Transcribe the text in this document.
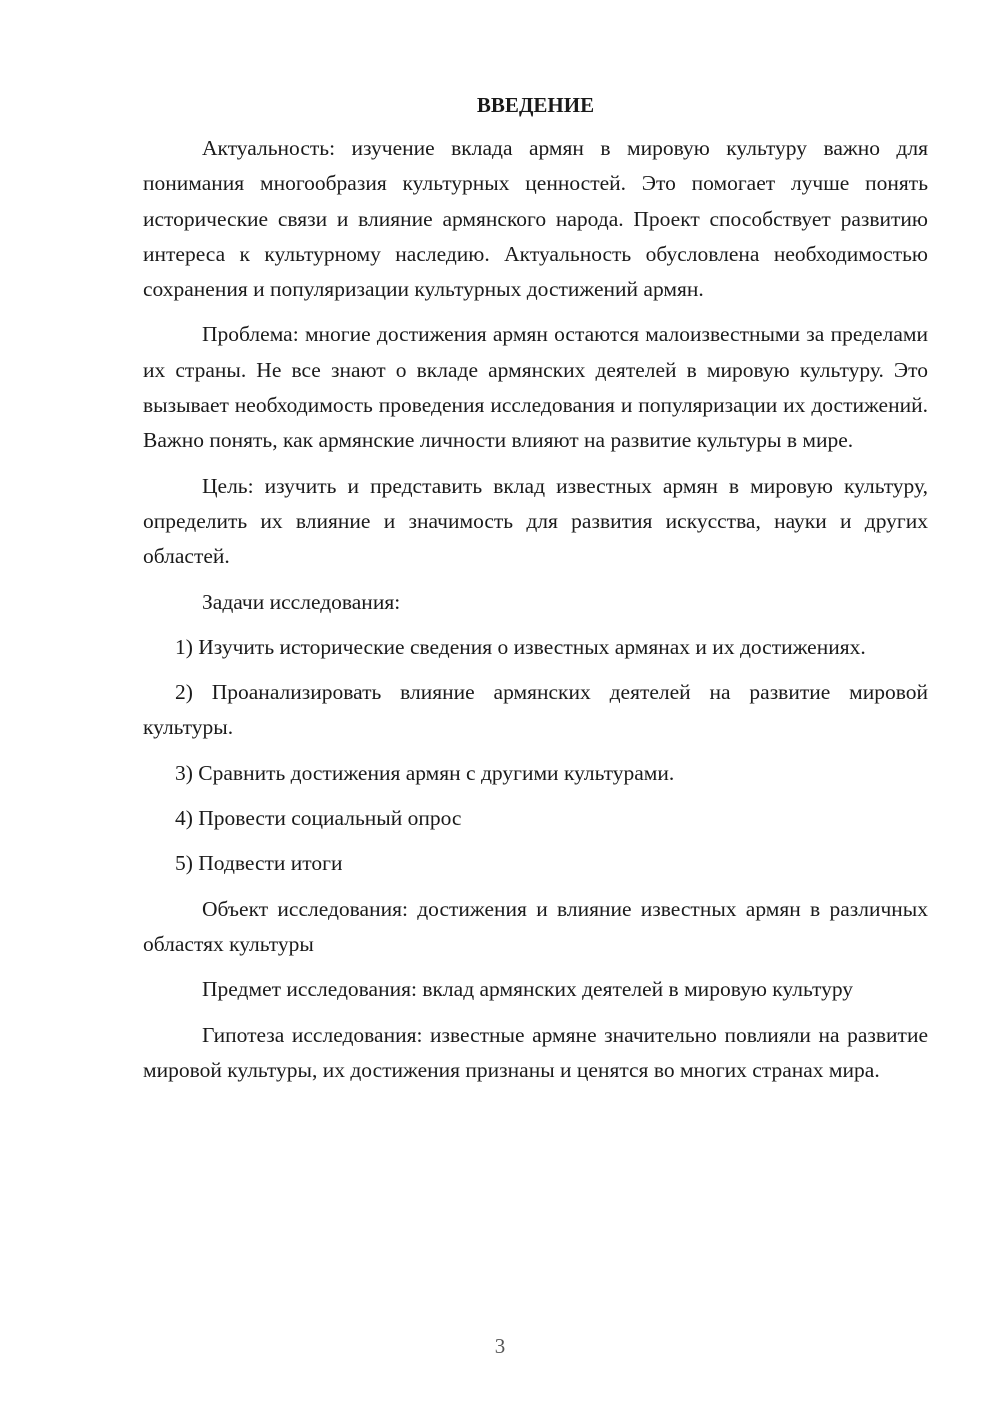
ВВЕДЕНИЕ

Актуальность: изучение вклада армян в мировую культуру важно для понимания многообразия культурных ценностей. Это помогает лучше понять исторические связи и влияние армянского народа. Проект способствует развитию интереса к культурному наследию. Актуальность обусловлена необходимостью сохранения и популяризации культурных достижений армян.

Проблема: многие достижения армян остаются малоизвестными за пределами их страны. Не все знают о вкладе армянских деятелей в мировую культуру. Это вызывает необходимость проведения исследования и популяризации их достижений. Важно понять, как армянские личности влияют на развитие культуры в мире.

Цель: изучить и представить вклад известных армян в мировую культуру, определить их влияние и значимость для развития искусства, науки и других областей.

Задачи исследования:

1) Изучить исторические сведения о известных армянах и их достижениях.

2) Проанализировать влияние армянских деятелей на развитие мировой культуры.

3) Сравнить достижения армян с другими культурами.

4) Провести социальный опрос

5) Подвести итоги

Объект исследования: достижения и влияние известных армян в различных областях культуры

Предмет исследования: вклад армянских деятелей в мировую культуру

Гипотеза исследования: известные армяне значительно повлияли на развитие мировой культуры, их достижения признаны и ценятся во многих странах мира.

3
